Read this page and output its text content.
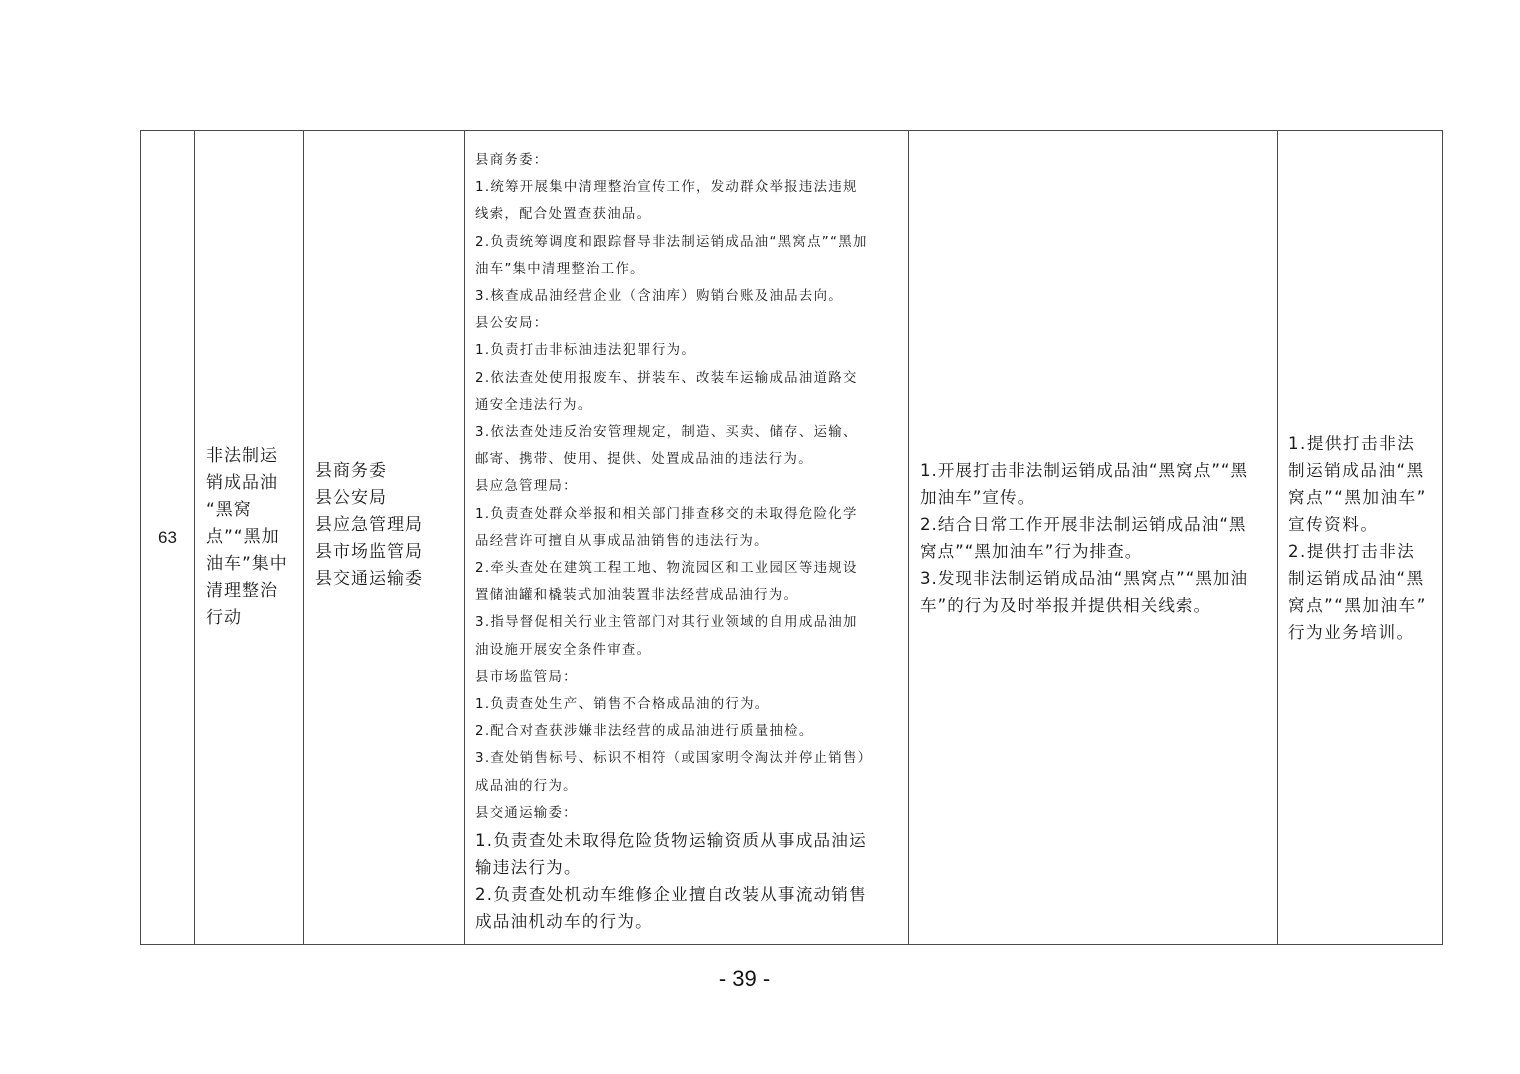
63	
非法制运
销成品油
“黑窝
点”“黑加
油车”集中
清理整治
行动

县商务委
县公安局
县应急管理局
县市场监管局
县交通运输委

县商务委：
1.统筹开展集中清理整治宣传工作，发动群众举报违法违规
线索，配合处置查获油品。
2.负责统筹调度和跟踪督导非法制运销成品油“黑窝点”“黑加
油车”集中清理整治工作。
3.核查成品油经营企业（含油库）购销台账及油品去向。
县公安局：
1.负责打击非标油违法犯罪行为。
2.依法查处使用报废车、拼装车、改装车运输成品油道路交
通安全违法行为。
3.依法查处违反治安管理规定，制造、买卖、储存、运输、
邮寄、携带、使用、提供、处置成品油的违法行为。
县应急管理局：
1.负责查处群众举报和相关部门排查移交的未取得危险化学
品经营许可擅自从事成品油销售的违法行为。
2.牵头查处在建筑工程工地、物流园区和工业园区等违规设
置储油罐和橇装式加油装置非法经营成品油行为。
3.指导督促相关行业主管部门对其行业领域的自用成品油加
油设施开展安全条件审查。
县市场监管局：
1.负责查处生产、销售不合格成品油的行为。
2.配合对查获涉嫌非法经营的成品油进行质量抽检。
3.查处销售标号、标识不相符（或国家明令淘汰并停止销售）
成品油的行为。
县交通运输委：
1.负责查处未取得危险货物运输资质从事成品油运
输违法行为。
2.负责查处机动车维修企业擅自改装从事流动销售
成品油机动车的行为。

1.开展打击非法制运销成品油“黑窝点”“黑
加油车”宣传。
2.结合日常工作开展非法制运销成品油“黑
窝点”“黑加油车”行为排查。
3.发现非法制运销成品油“黑窝点”“黑加油
车”的行为及时举报并提供相关线索。

1.提供打击非法
制运销成品油“黑
窝点”“黑加油车”
宣传资料。
2.提供打击非法
制运销成品油“黑
窝点”“黑加油车”
行为业务培训。
- 39 -
